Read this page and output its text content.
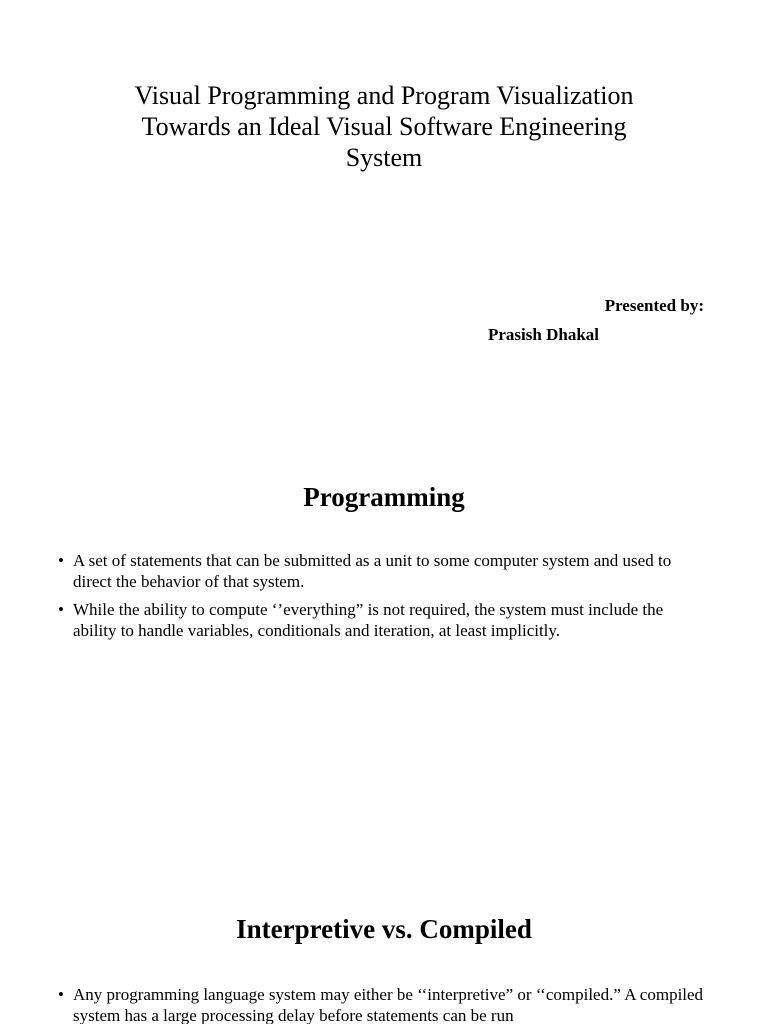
Visual Programming and Program Visualization
Towards an Ideal Visual Software Engineering
System
Presented by:
Prasish Dhakal
Programming
• A set of statements that can be submitted as a unit to some computer system and used to direct the behavior of that system.
• While the ability to compute ‘’everything” is not required, the system must include the ability to handle variables, conditionals and iteration, at least implicitly.
Interpretive vs. Compiled
• Any programming language system may either be ‘‘interpretive” or ‘‘compiled.” A compiled system has a large processing delay before statements can be run
